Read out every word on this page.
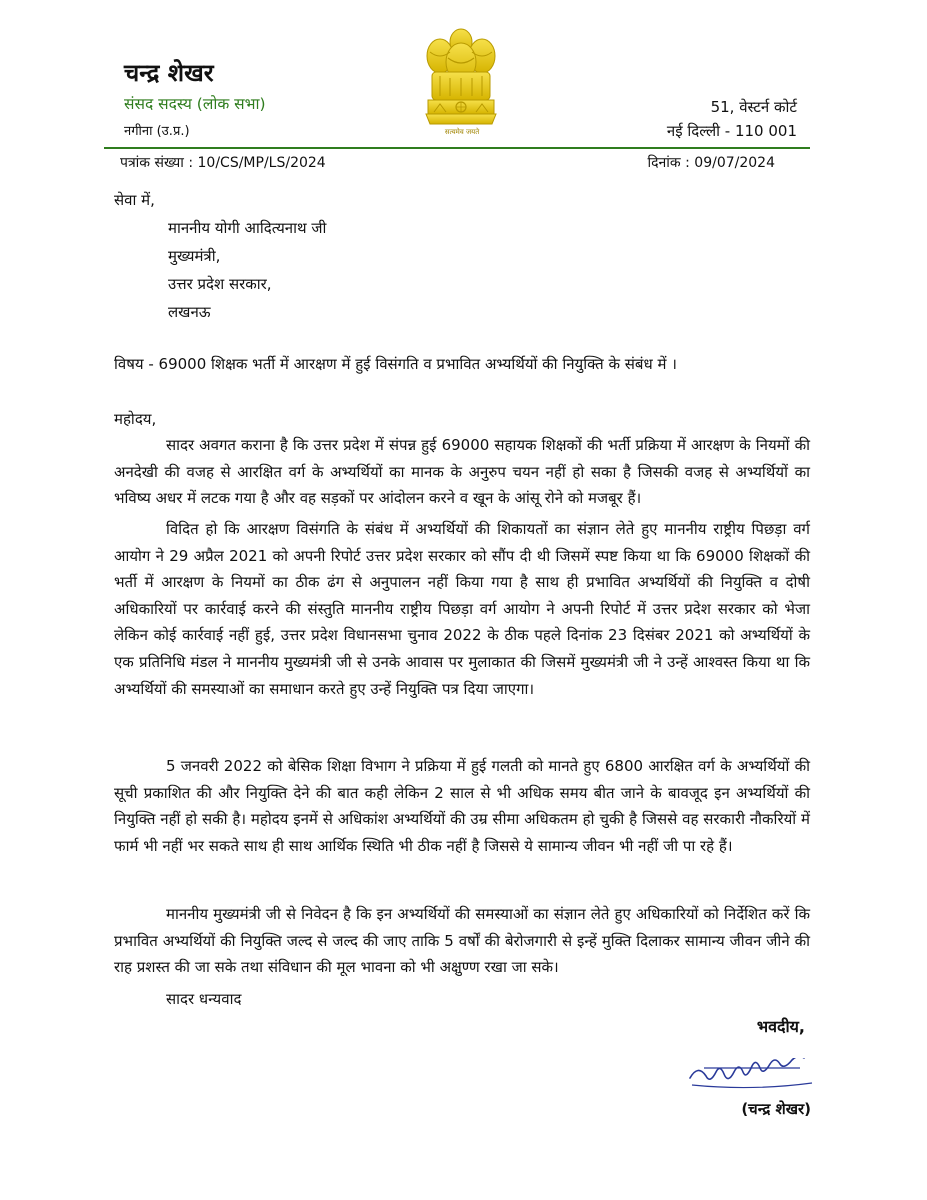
चन्द्र शेखर
संसद सदस्य (लोक सभा)
नगीना (उ.प्र.)	सत्यमेव जयते
51, वेस्टर्न कोर्ट
नई दिल्ली - 110 001
पत्रांक संख्या : 10/CS/MP/LS/2024	दिनांक : 09/07/2024
सेवा में,
माननीय योगी आदित्यनाथ जी
मुख्यमंत्री,
उत्तर प्रदेश सरकार,
लखनऊ
विषय - 69000 शिक्षक भर्ती में आरक्षण में हुई विसंगति व प्रभावित अभ्यर्थियों की नियुक्ति के संबंध में ।
महोदय,

सादर अवगत कराना है कि उत्तर प्रदेश में संपन्न हुई 69000 सहायक शिक्षकों की भर्ती प्रक्रिया में आरक्षण के नियमों की अनदेखी की वजह से आरक्षित वर्ग के अभ्यर्थियों का मानक के अनुरुप चयन नहीं हो सका है जिसकी वजह से अभ्यर्थियों का भविष्य अधर में लटक गया है और वह सड़कों पर आंदोलन करने व खून के आंसू रोने को मजबूर हैं।

विदित हो कि आरक्षण विसंगति के संबंध में अभ्यर्थियों की शिकायतों का संज्ञान लेते हुए माननीय राष्ट्रीय पिछड़ा वर्ग आयोग ने 29 अप्रैल 2021 को अपनी रिपोर्ट उत्तर प्रदेश सरकार को सौंप दी थी जिसमें स्पष्ट किया था कि 69000 शिक्षकों की भर्ती में आरक्षण के नियमों का ठीक ढंग से अनुपालन नहीं किया गया है साथ ही प्रभावित अभ्यर्थियों की नियुक्ति व दोषी अधिकारियों पर कार्रवाई करने की संस्तुति माननीय राष्ट्रीय पिछड़ा वर्ग आयोग ने अपनी रिपोर्ट में उत्तर प्रदेश सरकार को भेजा लेकिन कोई कार्रवाई नहीं हुई, उत्तर प्रदेश विधानसभा चुनाव 2022 के ठीक पहले दिनांक 23 दिसंबर 2021 को अभ्यर्थियों के एक प्रतिनिधि मंडल ने माननीय मुख्यमंत्री जी से उनके आवास पर मुलाकात की जिसमें मुख्यमंत्री जी ने उन्हें आश्वस्त किया था कि अभ्यर्थियों की समस्याओं का समाधान करते हुए उन्हें नियुक्ति पत्र दिया जाएगा।

5 जनवरी 2022 को बेसिक शिक्षा विभाग ने प्रक्रिया में हुई गलती को मानते हुए 6800 आरक्षित वर्ग के अभ्यर्थियों की सूची प्रकाशित की और नियुक्ति देने की बात कही लेकिन 2 साल से भी अधिक समय बीत जाने के बावजूद इन अभ्यर्थियों की नियुक्ति नहीं हो सकी है। महोदय इनमें से अधिकांश अभ्यर्थियों की उम्र सीमा अधिकतम हो चुकी है जिससे वह सरकारी नौकरियों में फार्म भी नहीं भर सकते साथ ही साथ आर्थिक स्थिति भी ठीक नहीं है जिससे ये सामान्य जीवन भी नहीं जी पा रहे हैं।

माननीय मुख्यमंत्री जी से निवेदन है कि इन अभ्यर्थियों की समस्याओं का संज्ञान लेते हुए अधिकारियों को निर्देशित करें कि प्रभावित अभ्यर्थियों की नियुक्ति जल्द से जल्द की जाए ताकि 5 वर्षों की बेरोजगारी से इन्हें मुक्ति दिलाकर सामान्य जीवन जीने की राह प्रशस्त की जा सके तथा संविधान की मूल भावना को भी अक्षुण्ण रखा जा सके।

सादर धन्यवाद
भवदीय,
(चन्द्र शेखर)
